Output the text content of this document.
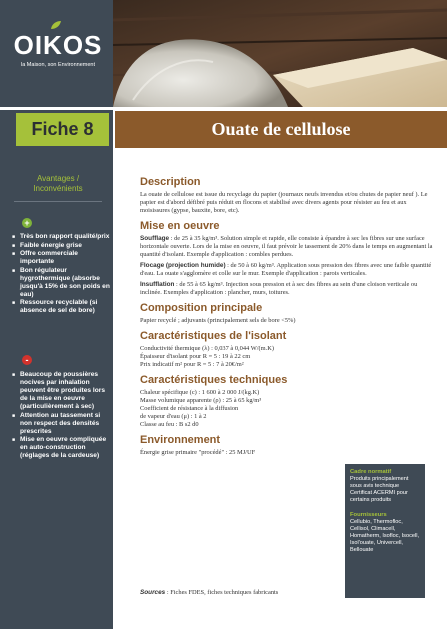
OIKOS
la Maison, son Environnement
Fiche 8	Ouate de cellulose
Avantages /
Inconvénients
+
■ Très bon rapport qualité/prix
■ Faible énergie grise
■ Offre commerciale importante
■ Bon régulateur hygrothermique (absorbe jusqu'à 15% de son poids en eau)
■ Ressource recyclable (si absence de sel de bore)
-
■ Beaucoup de poussières nocives par inhalation peuvent être produites lors de la mise en oeuvre (particulièrement à sec)
■ Attention au tassement si non respect des densités prescrites
■ Mise en oeuvre compliquée en auto-construction (réglages de la cardeuse)
Description
La ouate de cellulose est issue du recyclage du papier (journaux neufs invendus et/ou chutes de papier neuf ). Le papier est d'abord défibré puis réduit en flocons et stabilisé avec divers agents pour résister au feu et aux moisissures (gypse, bauxite, bore, etc).
Mise en oeuvre
Soufflage : de 25 à 35 kg/m³. Solution simple et rapide, elle consiste à épandre à sec les fibres sur une surface horizontale ouverte. Lors de la mise en oeuvre, il faut prévoir le tassement de 20% dans le temps en augmentant la quantité d'isolant. Exemple d'application : combles perdues.
Flocage (projection humide) : de 50 à 60 kg/m³. Application sous pression des fibres avec une faible quantité d'eau. La ouate s'agglomère et colle sur le mur. Exemple d'application : parois verticales.
Insufflation : de 55 à 65 kg/m³. Injection sous pression et à sec des fibres au sein d'une cloison verticale ou inclinée. Exemples d'application : plancher, murs, toitures.
Composition principale
Papier recyclé ; adjuvants (principalement sels de bore <5%)
Caractéristiques de l'isolant
Conductivité thermique (λ) : 0,037 à 0,044 W/(m.K)
Épaisseur d'isolant pour R = 5 : 19 à 22 cm
Prix indicatif m² pour R = 5 : 7 à 20€/m²
Caractéristiques techniques
Chaleur spécifique (c) : 1 600 à 2 000 J/(kg.K)
Masse volumique apparente (ρ) : 25 à 65 kg/m³
Coefficient de résistance à la diffusion
de vapeur d'eau (μ) : 1 à 2
Classe au feu : B s2 d0
Environnement
Énergie grise primaire "procédé" : 25 MJ/UF
Sources : Fiches FDES, fiches techniques fabricants
Cadre normatif
Produits principalement sous avis technique Certificat ACERMI pour certains produits
Fournisseurs
Cellubio, Thermofloc, Cellisol, Climacell, Homatherm, Isofloc, Isocell, Isol'ouate, Univercell, Bellouate
